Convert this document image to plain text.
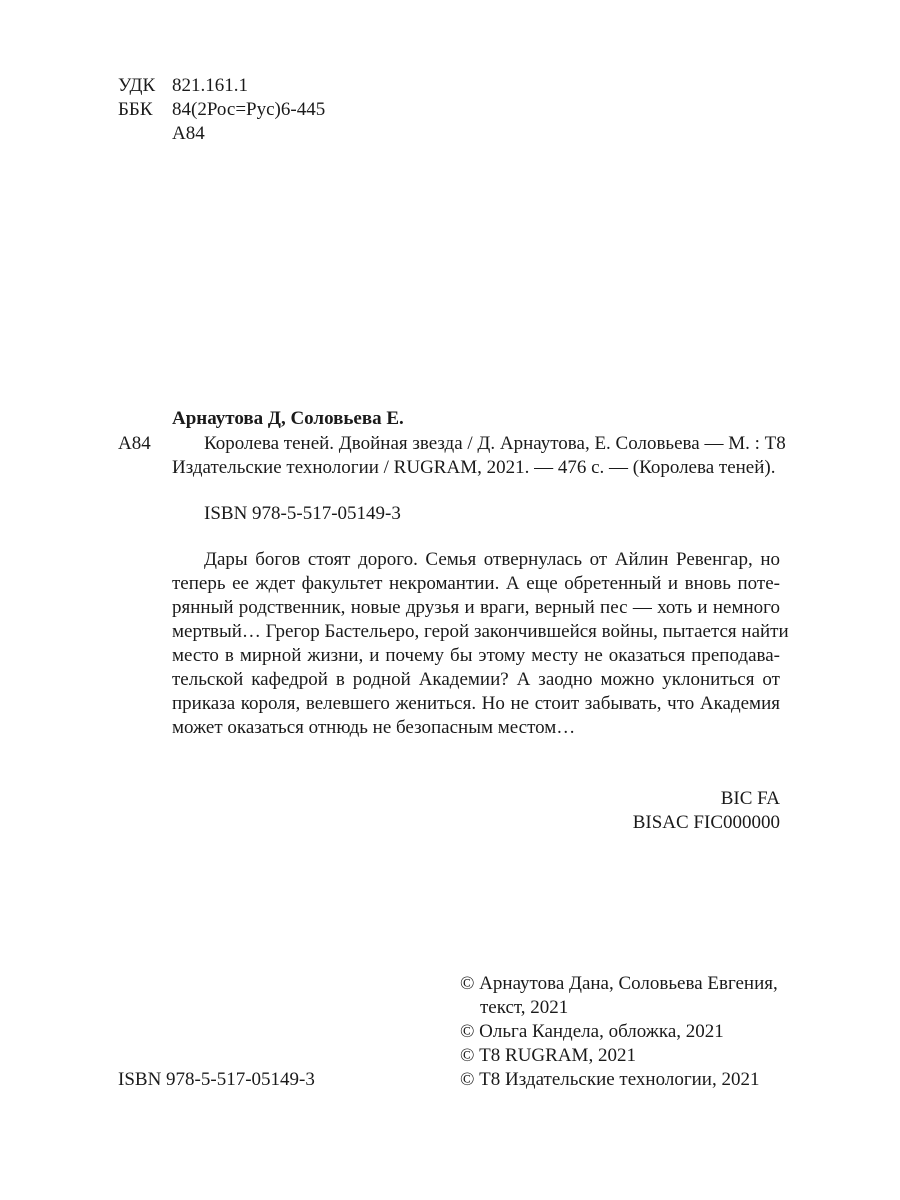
УДК 821.161.1
ББК	84(2Рос=Рус)6-445
А84
Арнаутова Д, Соловьева Е.
А84	Королева теней. Двойная звезда / Д. Арнаутова, Е. Соловьева — М. : Т8
Издательские технологии / RUGRAM, 2021. — 476 с. — (Королева теней).
ISBN 978-5-517-05149-3
Дары богов стоят дорого. Семья отвернулась от Айлин Ревенгар, но
теперь ее ждет факультет некромантии. А еще обретенный и вновь поте-
рянный родственник, новые друзья и враги, верный пес — хоть и немного
мертвый… Грегор Бастельеро, герой закончившейся войны, пытается найти
место в мирной жизни, и почему бы этому месту не оказаться преподава-
тельской кафедрой в родной Академии? А заодно можно уклониться от
приказа короля, велевшего жениться. Но не стоит забывать, что Академия
может оказаться отнюдь не безопасным местом…
BIC FA
BISAC FIC000000
ISBN 978-5-517-05149-3
© Арнаутова Дана, Соловьева Евгения,
текст, 2021
© Ольга Кандела, обложка, 2021
© Т8 RUGRAM, 2021
© Т8 Издательские технологии, 2021
